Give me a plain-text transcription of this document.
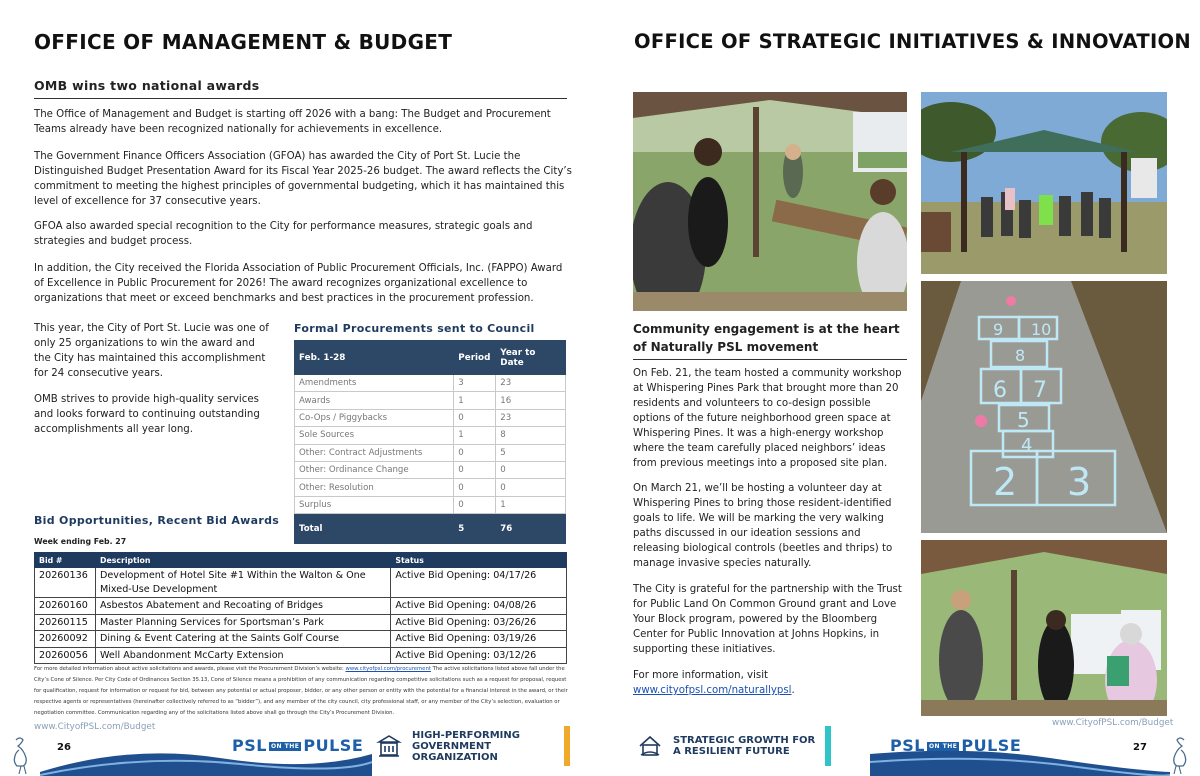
OFFICE OF MANAGEMENT & BUDGET
OMB wins two national awards
The Office of Management and Budget is starting off 2026 with a bang: The Budget and Procurement Teams already have been recognized nationally for achievements in excellence.
The Government Finance Officers Association (GFOA) has awarded the City of Port St. Lucie the Distinguished Budget Presentation Award for its Fiscal Year 2025-26 budget. The award reflects the City’s commitment to meeting the highest principles of governmental budgeting, which it has maintained this level of excellence for 37 consecutive years.
GFOA also awarded special recognition to the City for performance measures, strategic goals and strategies and budget process.
In addition, the City received the Florida Association of Public Procurement Officials, Inc. (FAPPO) Award of Excellence in Public Procurement for 2026! The award recognizes organizational excellence to organizations that meet or exceed benchmarks and best practices in the procurement profession.
This year, the City of Port St. Lucie was one of only 25 organizations to win the award and the City has maintained this accomplishment for 24 consecutive years.
OMB strives to provide high-quality services and looks forward to continuing outstanding accomplishments all year long.
Formal Procurements sent to Council
Feb. 1-28	Period	Year to Date
Amendments	3	23
Awards	1	16
Co-Ops / Piggybacks	0	23
Sole Sources	1	8
Other: Contract Adjustments	0	5
Other: Ordinance Change	0	0
Other: Resolution	0	0
Surplus	0	1
Total	5	76
Bid Opportunities, Recent Bid Awards
Week ending Feb. 27
Bid #	Description	Status
20260136	Development of Hotel Site #1 Within the Walton & One Mixed-Use Development	Active Bid Opening: 04/17/26
20260160	Asbestos Abatement and Recoating of Bridges	Active Bid Opening: 04/08/26
20260115	Master Planning Services for Sportsman’s Park	Active Bid Opening: 03/26/26
20260092	Dining & Event Catering at the Saints Golf Course	Active Bid Opening: 03/19/26
20260056	Well Abandonment McCarty Extension	Active Bid Opening: 03/12/26
For more detailed information about active solicitations and awards, please visit the Procurement Division’s website: www.cityofpsl.com/procurement The active solicitations listed above fall under the City’s Cone of Silence. Per City Code of Ordinances Section 35.13, Cone of Silence means a prohibition of any communication regarding competitive solicitations such as a request for proposal, request for qualification, request for information or request for bid, between any potential or actual proposer, bidder, or any other person or entity with the potential for a financial interest in the award, or their respective agents or representatives (hereinafter collectively referred to as “bidder”), and any member of the city council, city professional staff, or any member of the City’s selection, evaluation or negotiation committee. Communication regarding any of the solicitations listed above shall go through the City’s Procurement Division.
www.CityofPSL.com/Budget
26	PSL ON THE PULSE
HIGH-PERFORMING GOVERNMENT ORGANIZATION
OFFICE OF STRATEGIC INITIATIVES & INNOVATION
9 10
8
6 7
5
4
2 3
Community engagement is at the heart of Naturally PSL movement
On Feb. 21, the team hosted a community workshop at Whispering Pines Park that brought more than 20 residents and volunteers to co-design possible options of the future neighborhood green space at Whispering Pines. It was a high-energy workshop where the team carefully placed neighbors’ ideas from previous meetings into a proposed site plan.
On March 21, we’ll be hosting a volunteer day at Whispering Pines to bring those resident-identified goals to life. We will be marking the very walking paths discussed in our ideation sessions and releasing biological controls (beetles and thrips) to manage invasive species naturally.
The City is grateful for the partnership with the Trust for Public Land On Common Ground grant and Love Your Block program, powered by the Bloomberg Center for Public Innovation at Johns Hopkins, in supporting these initiatives.
For more information, visit
www.cityofpsl.com/naturallypsl.
www.CityofPSL.com/Budget
STRATEGIC GROWTH FOR A RESILIENT FUTURE	PSL ON THE PULSE	27
